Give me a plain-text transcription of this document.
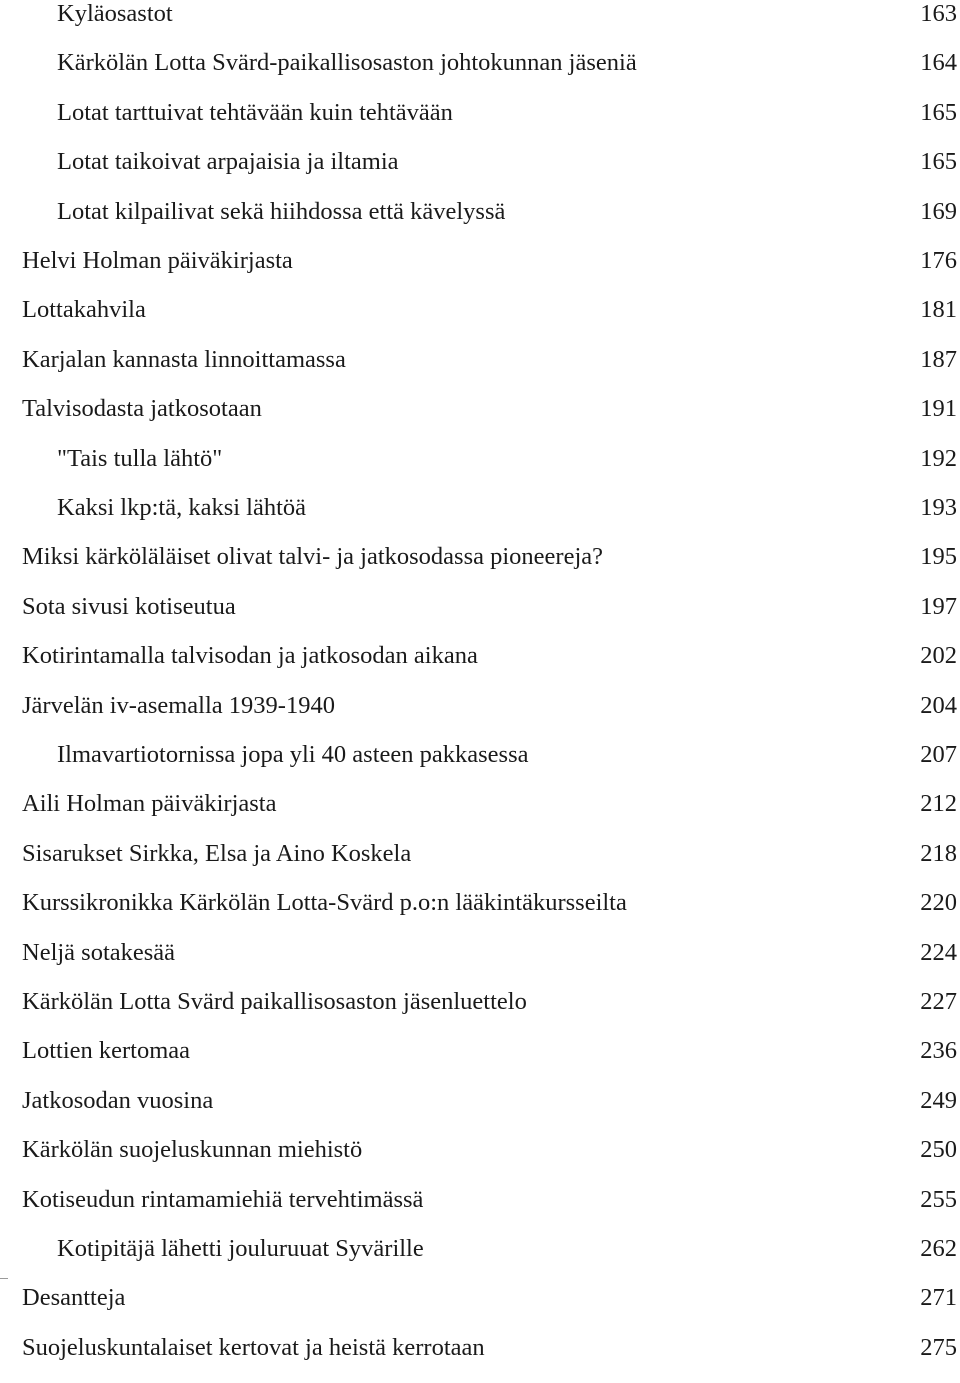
Kyläosastot	163
Kärkölän Lotta Svärd-paikallisosaston johtokunnan jäseniä	164
Lotat tarttuivat tehtävään kuin tehtävään	165
Lotat taikoivat arpajaisia ja iltamia	165
Lotat kilpailivat sekä hiihdossa että kävelyssä	169
Helvi Holman päiväkirjasta	176
Lottakahvila	181
Karjalan kannasta linnoittamassa	187
Talvisodasta jatkosotaan	191
"Tais tulla lähtö"	192
Kaksi lkp:tä, kaksi lähtöä	193
Miksi kärköläläiset olivat talvi- ja jatkosodassa pioneereja?	195
Sota sivusi kotiseutua	197
Kotirintamalla talvisodan ja jatkosodan aikana	202
Järvelän iv-asemalla 1939-1940	204
Ilmavartiotornissa jopa yli 40 asteen pakkasessa	207
Aili Holman päiväkirjasta	212
Sisarukset Sirkka, Elsa ja Aino Koskela	218
Kurssikronikka Kärkölän Lotta-Svärd p.o:n lääkintäkursseilta	220
Neljä sotakesää	224
Kärkölän Lotta Svärd paikallisosaston jäsenluettelo	227
Lottien kertomaa	236
Jatkosodan vuosina	249
Kärkölän suojeluskunnan miehistö	250
Kotiseudun rintamamiehiä tervehtimässä	255
Kotipitäjä lähetti jouluruuat Syvärille	262
Desantteja	271
Suojeluskuntalaiset kertovat ja heistä kerrotaan	275
